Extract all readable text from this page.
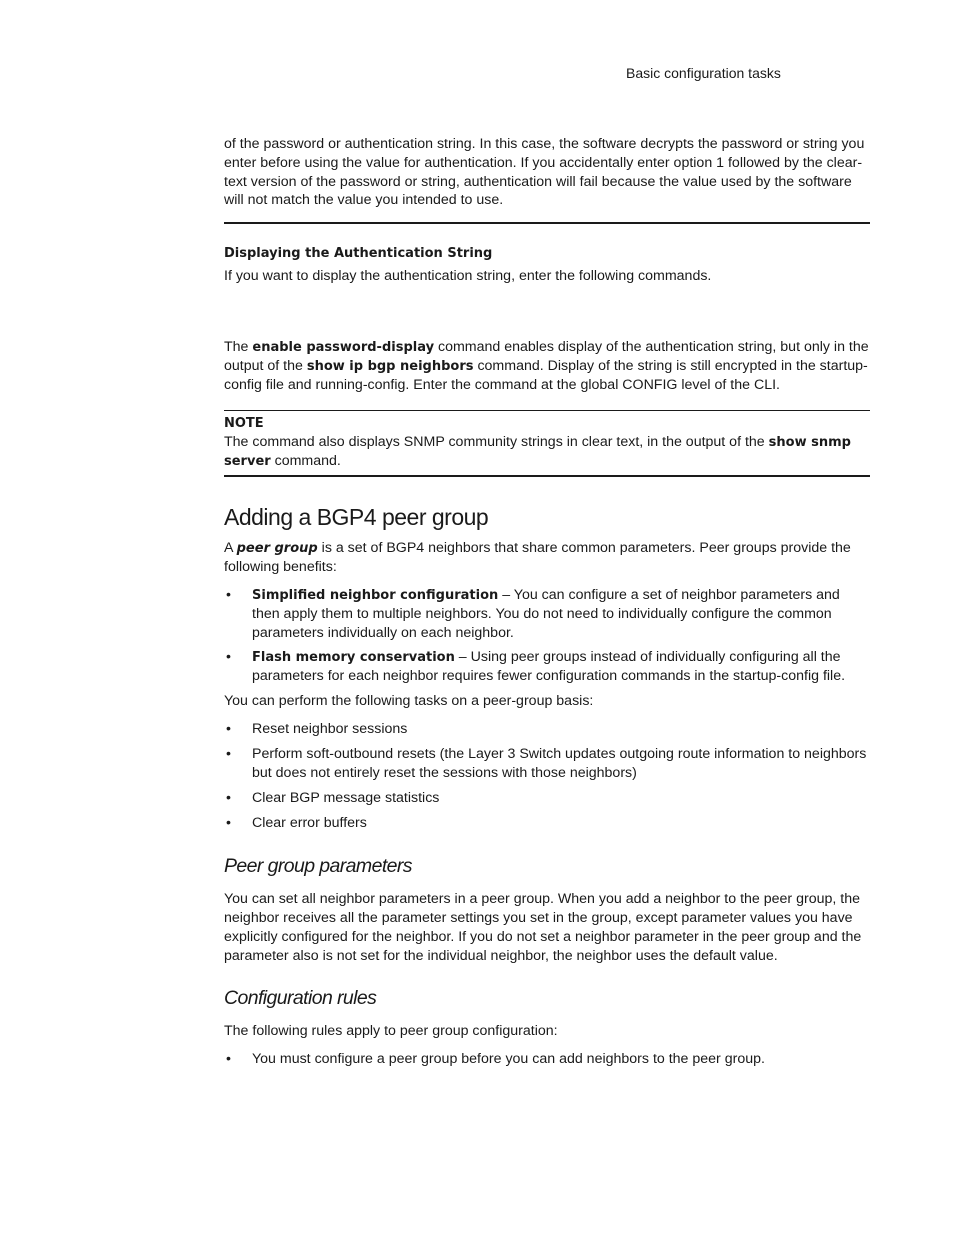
Basic configuration tasks

of the password or authentication string. In this case, the software decrypts the password or string you enter before using the value for authentication. If you accidentally enter option 1 followed by the clear-text version of the password or string, authentication will fail because the value used by the software will not match the value you intended to use.

Displaying the Authentication String

If you want to display the authentication string, enter the following commands.

The enable password-display command enables display of the authentication string, but only in the output of the show ip bgp neighbors command. Display of the string is still encrypted in the startup-config file and running-config. Enter the command at the global CONFIG level of the CLI.

NOTE

The command also displays SNMP community strings in clear text, in the output of the show snmp server command.

Adding a BGP4 peer group

A peer group is a set of BGP4 neighbors that share common parameters. Peer groups provide the following benefits:

• Simplified neighbor configuration – You can configure a set of neighbor parameters and then apply them to multiple neighbors. You do not need to individually configure the common parameters individually on each neighbor.
• Flash memory conservation – Using peer groups instead of individually configuring all the parameters for each neighbor requires fewer configuration commands in the startup-config file.

You can perform the following tasks on a peer-group basis:

• Reset neighbor sessions
• Perform soft-outbound resets (the Layer 3 Switch updates outgoing route information to neighbors but does not entirely reset the sessions with those neighbors)
• Clear BGP message statistics
• Clear error buffers
Peer group parameters

You can set all neighbor parameters in a peer group. When you add a neighbor to the peer group, the neighbor receives all the parameter settings you set in the group, except parameter values you have explicitly configured for the neighbor. If you do not set a neighbor parameter in the peer group and the parameter also is not set for the individual neighbor, the neighbor uses the default value.

Configuration rules

The following rules apply to peer group configuration:

• You must configure a peer group before you can add neighbors to the peer group.
